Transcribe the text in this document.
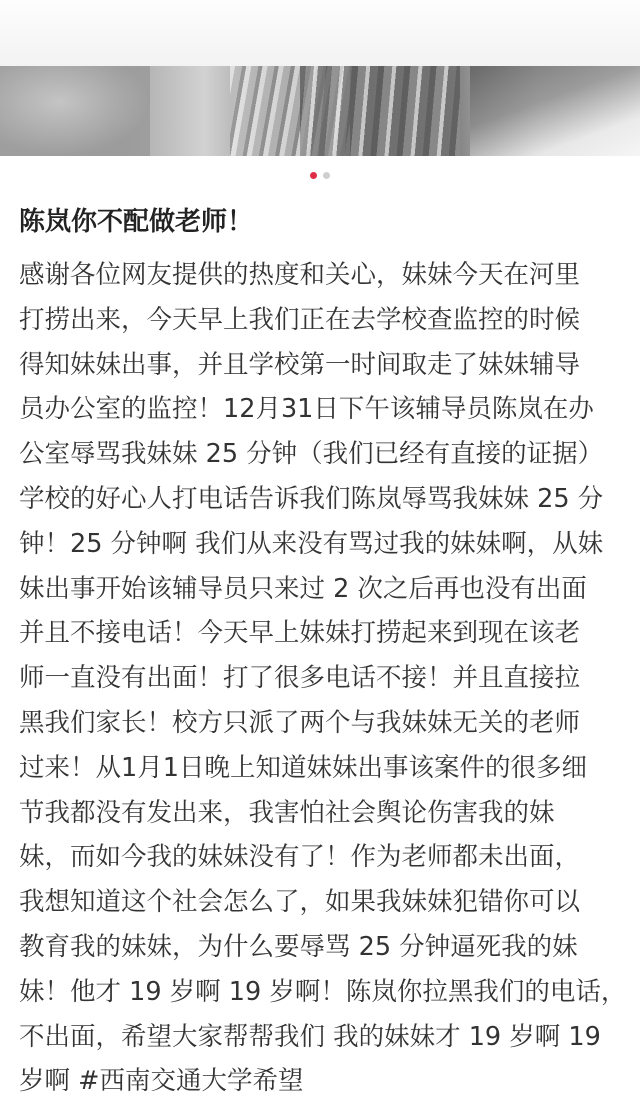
陈岚你不配做老师！
感谢各位网友提供的热度和关心，妹妹今天在河里
打捞出来，今天早上我们正在去学校查监控的时候
得知妹妹出事，并且学校第一时间取走了妹妹辅导
员办公室的监控！12月31日下午该辅导员陈岚在办
公室辱骂我妹妹 25 分钟（我们已经有直接的证据）
学校的好心人打电话告诉我们陈岚辱骂我妹妹 25 分
钟！25 分钟啊 我们从来没有骂过我的妹妹啊，从妹
妹出事开始该辅导员只来过 2 次之后再也没有出面
并且不接电话！今天早上妹妹打捞起来到现在该老
师一直没有出面！打了很多电话不接！并且直接拉
黑我们家长！校方只派了两个与我妹妹无关的老师
过来！从1月1日晚上知道妹妹出事该案件的很多细
节我都没有发出来，我害怕社会舆论伤害我的妹
妹，而如今我的妹妹没有了！作为老师都未出面，
我想知道这个社会怎么了，如果我妹妹犯错你可以
教育我的妹妹，为什么要辱骂 25 分钟逼死我的妹
妹！他才 19 岁啊 19 岁啊！陈岚你拉黑我们的电话，
不出面，希望大家帮帮我们 我的妹妹才 19 岁啊 19
岁啊 #西南交通大学希望
